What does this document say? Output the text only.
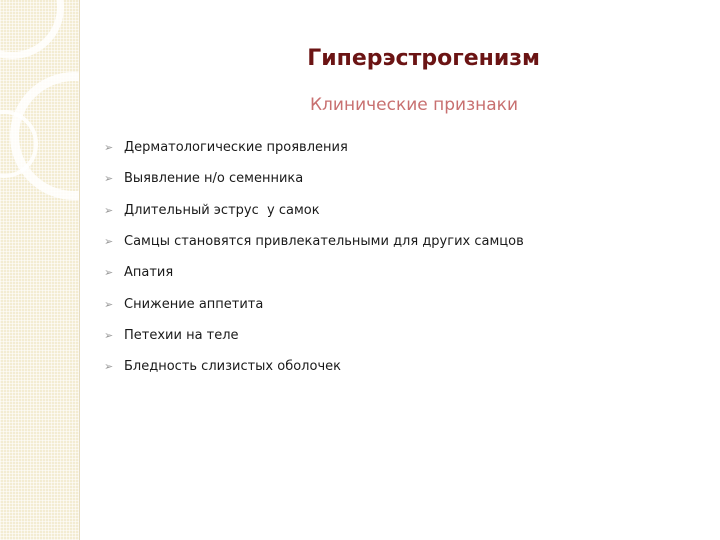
Гиперэстрогенизм
Клинические признаки
➢ Дерматологические проявления
➢ Выявление н/о семенника
➢ Длительный эструс  у самок
➢ Самцы становятся привлекательными для других самцов
➢ Апатия
➢ Снижение аппетита
➢ Петехии на теле
➢ Бледность слизистых оболочек
